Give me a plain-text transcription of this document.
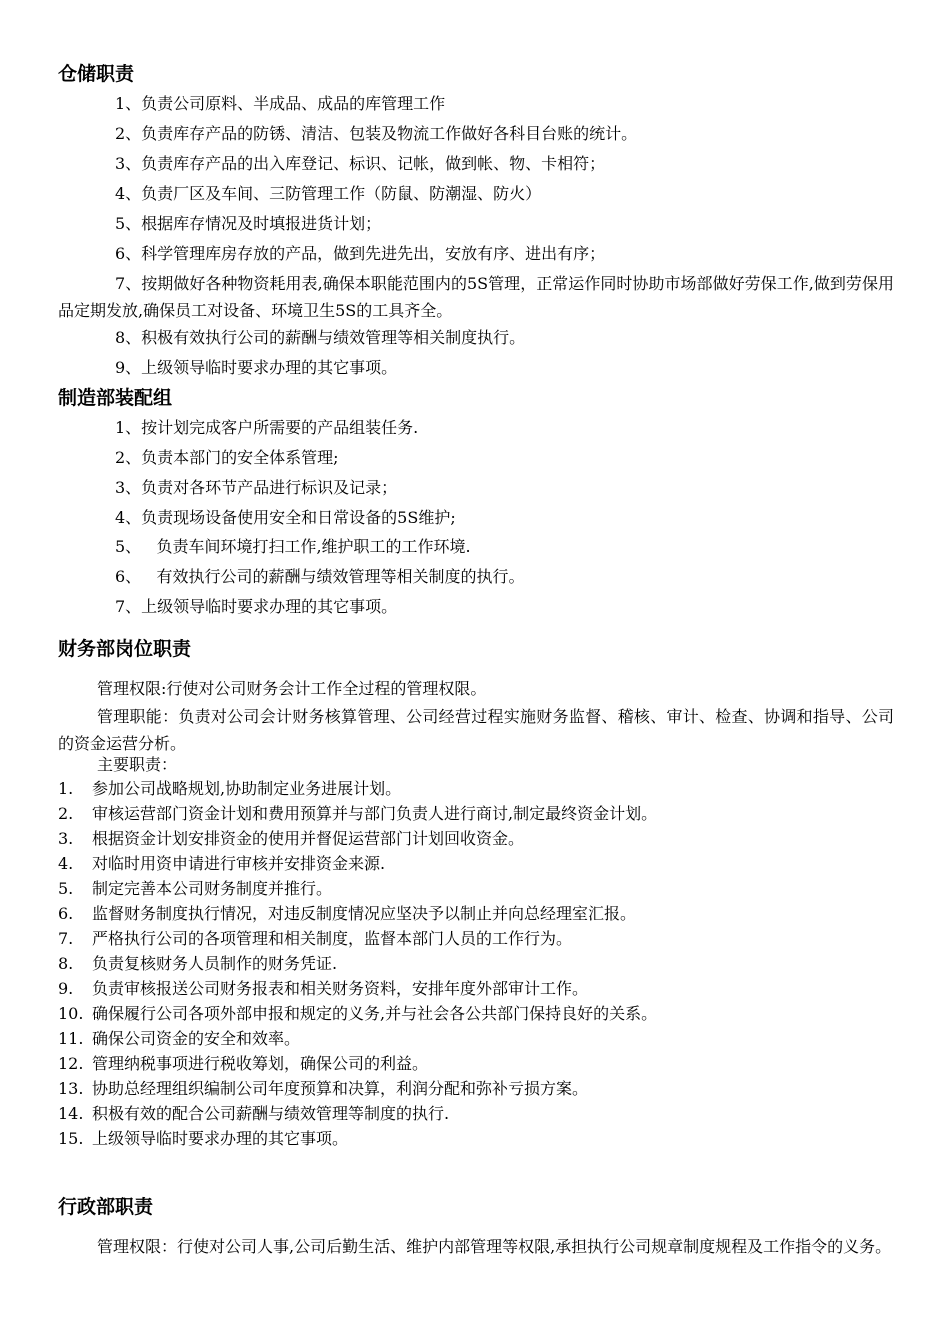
仓储职责
1、负责公司原料、半成品、成品的库管理工作
2、负责库存产品的防锈、清洁、包装及物流工作做好各科目台账的统计。
3、负责库存产品的出入库登记、标识、记帐，做到帐、物、卡相符；
4、负责厂区及车间、三防管理工作（防鼠、防潮湿、防火）
5、根据库存情况及时填报进货计划；
6、科学管理库房存放的产品，做到先进先出，安放有序、进出有序；
7、按期做好各种物资耗用表,确保本职能范围内的5S管理，正常运作同时协助市场部做好劳保工作,做到劳保用品定期发放,确保员工对设备、环境卫生5S的工具齐全。
8、积极有效执行公司的薪酬与绩效管理等相关制度执行。
9、上级领导临时要求办理的其它事项。
制造部装配组
1、按计划完成客户所需要的产品组装任务.
2、负责本部门的安全体系管理;
3、负责对各环节产品进行标识及记录；
4、负责现场设备使用安全和日常设备的5S维护;
5、   负责车间环境打扫工作,维护职工的工作环境.
6、   有效执行公司的薪酬与绩效管理等相关制度的执行。
7、上级领导临时要求办理的其它事项。
财务部岗位职责
管理权限:行使对公司财务会计工作全过程的管理权限。
管理职能：负责对公司会计财务核算管理、公司经营过程实施财务监督、稽核、审计、检查、协调和指导、公司的资金运营分析。
主要职责：
1. 参加公司战略规划,协助制定业务进展计划。
2. 审核运营部门资金计划和费用预算并与部门负责人进行商讨,制定最终资金计划。
3. 根据资金计划安排资金的使用并督促运营部门计划回收资金。
4. 对临时用资申请进行审核并安排资金来源.
5. 制定完善本公司财务制度并推行。
6. 监督财务制度执行情况，对违反制度情况应坚决予以制止并向总经理室汇报。
7. 严格执行公司的各项管理和相关制度，监督本部门人员的工作行为。
8. 负责复核财务人员制作的财务凭证.
9. 负责审核报送公司财务报表和相关财务资料，安排年度外部审计工作。
10. 确保履行公司各项外部申报和规定的义务,并与社会各公共部门保持良好的关系。
11. 确保公司资金的安全和效率。
12. 管理纳税事项进行税收筹划，确保公司的利益。
13. 协助总经理组织编制公司年度预算和决算，利润分配和弥补亏损方案。
14. 积极有效的配合公司薪酬与绩效管理等制度的执行.
15. 上级领导临时要求办理的其它事项。
行政部职责
管理权限：行使对公司人事,公司后勤生活、维护内部管理等权限,承担执行公司规章制度规程及工作指令的义务。
